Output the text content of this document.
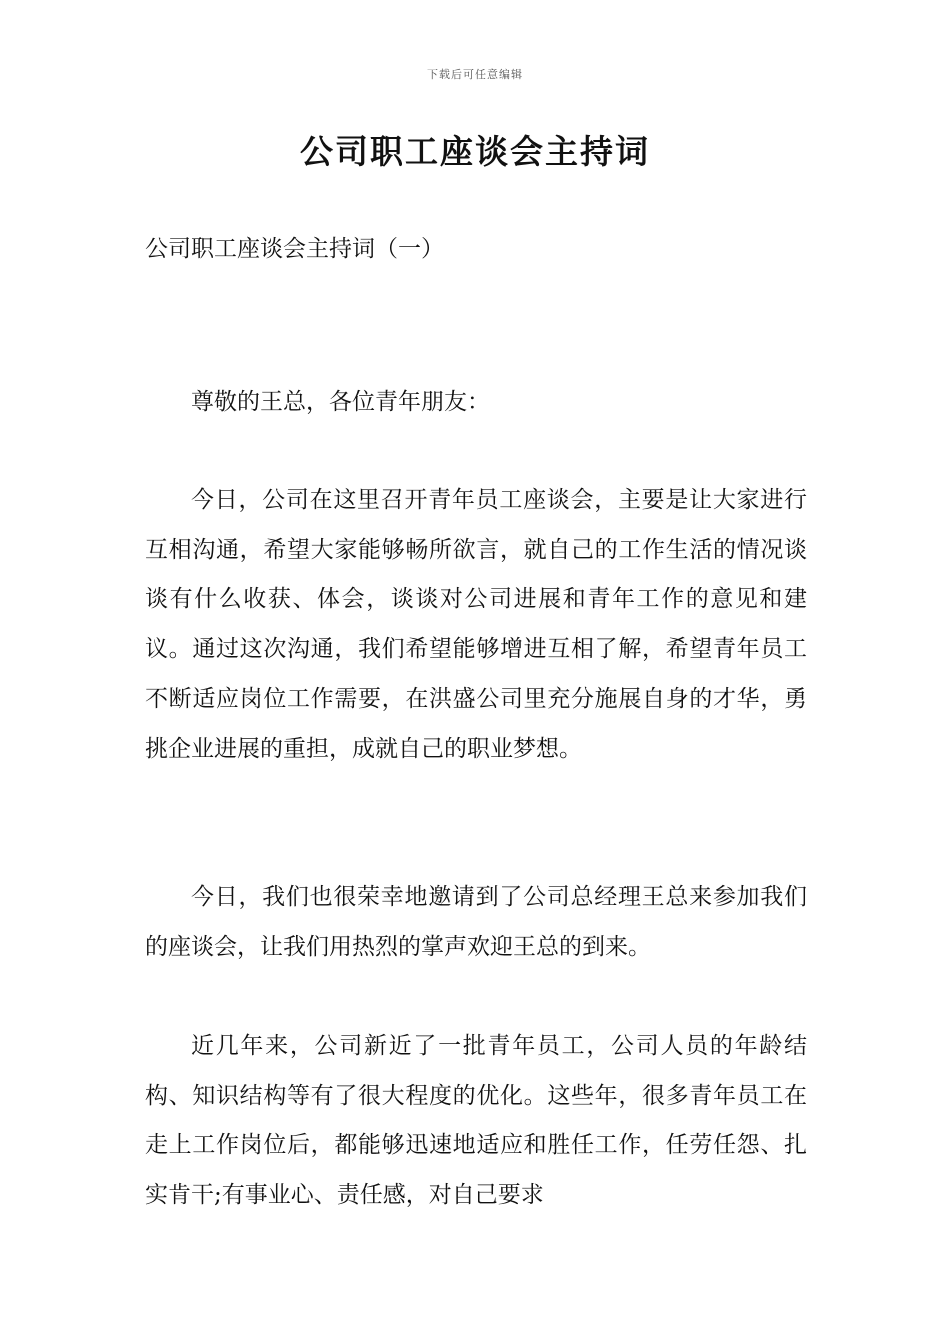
下载后可任意编辑
公司职工座谈会主持词
公司职工座谈会主持词（一）

尊敬的王总，各位青年朋友：

今日，公司在这里召开青年员工座谈会，主要是让大家进行互相沟通，希望大家能够畅所欲言，就自己的工作生活的情况谈谈有什么收获、体会，谈谈对公司进展和青年工作的意见和建议。通过这次沟通，我们希望能够增进互相了解，希望青年员工不断适应岗位工作需要，在洪盛公司里充分施展自身的才华，勇挑企业进展的重担，成就自己的职业梦想。

今日，我们也很荣幸地邀请到了公司总经理王总来参加我们的座谈会，让我们用热烈的掌声欢迎王总的到来。

近几年来，公司新近了一批青年员工，公司人员的年龄结构、知识结构等有了很大程度的优化。这些年，很多青年员工在走上工作岗位后，都能够迅速地适应和胜任工作，任劳任怨、扎实肯干;有事业心、责任感，对自己要求
